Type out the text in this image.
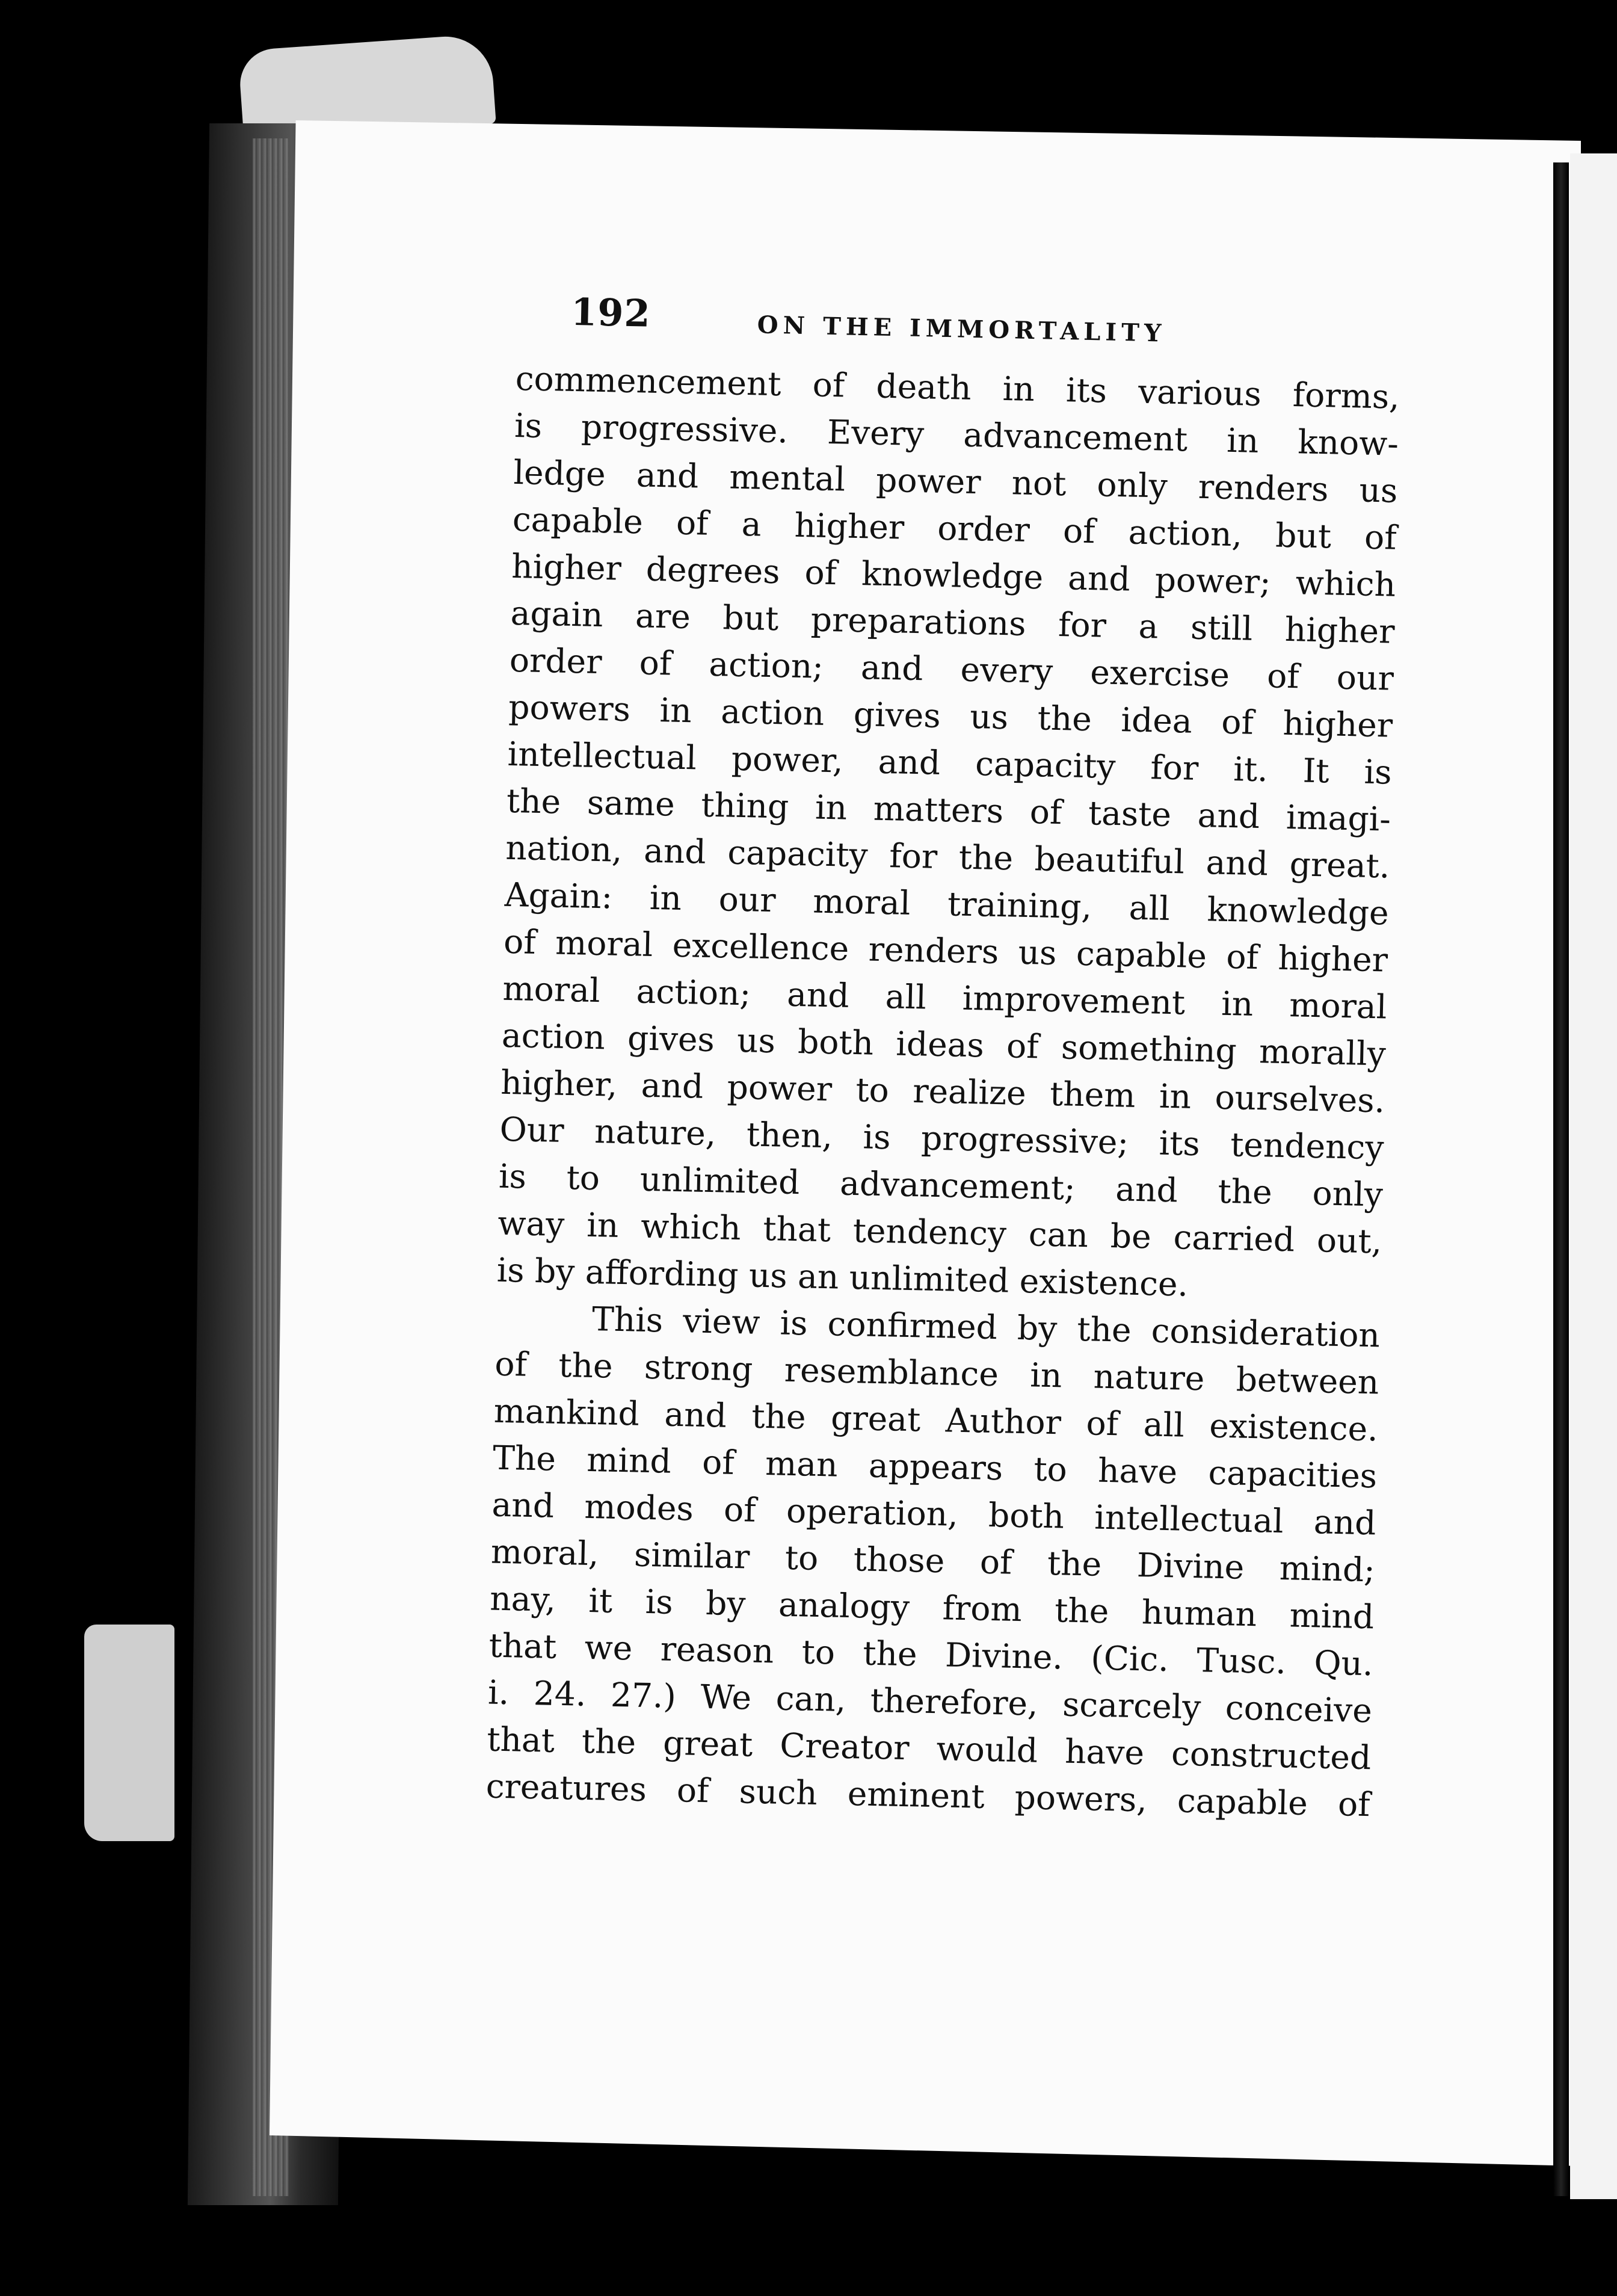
192	ON THE IMMORTALITY

commencement of death in its various forms,
is progressive. Every advancement in know-
ledge and mental power not only renders us
capable of a higher order of action, but of
higher degrees of knowledge and power; which
again are but preparations for a still higher
order of action; and every exercise of our
powers in action gives us the idea of higher
intellectual power, and capacity for it. It is
the same thing in matters of taste and imagi-
nation, and capacity for the beautiful and great.
Again: in our moral training, all knowledge
of moral excellence renders us capable of higher
moral action; and all improvement in moral
action gives us both ideas of something morally
higher, and power to realize them in ourselves.
Our nature, then, is progressive; its tendency
is to unlimited advancement; and the only
way in which that tendency can be carried out,
is by affording us an unlimited existence.

This view is confirmed by the consideration
of the strong resemblance in nature between
mankind and the great Author of all existence.
The mind of man appears to have capacities
and modes of operation, both intellectual and
moral, similar to those of the Divine mind;
nay, it is by analogy from the human mind
that we reason to the Divine. (Cic. Tusc. Qu.
i. 24. 27.) We can, therefore, scarcely conceive
that the great Creator would have constructed
creatures of such eminent powers, capable of
